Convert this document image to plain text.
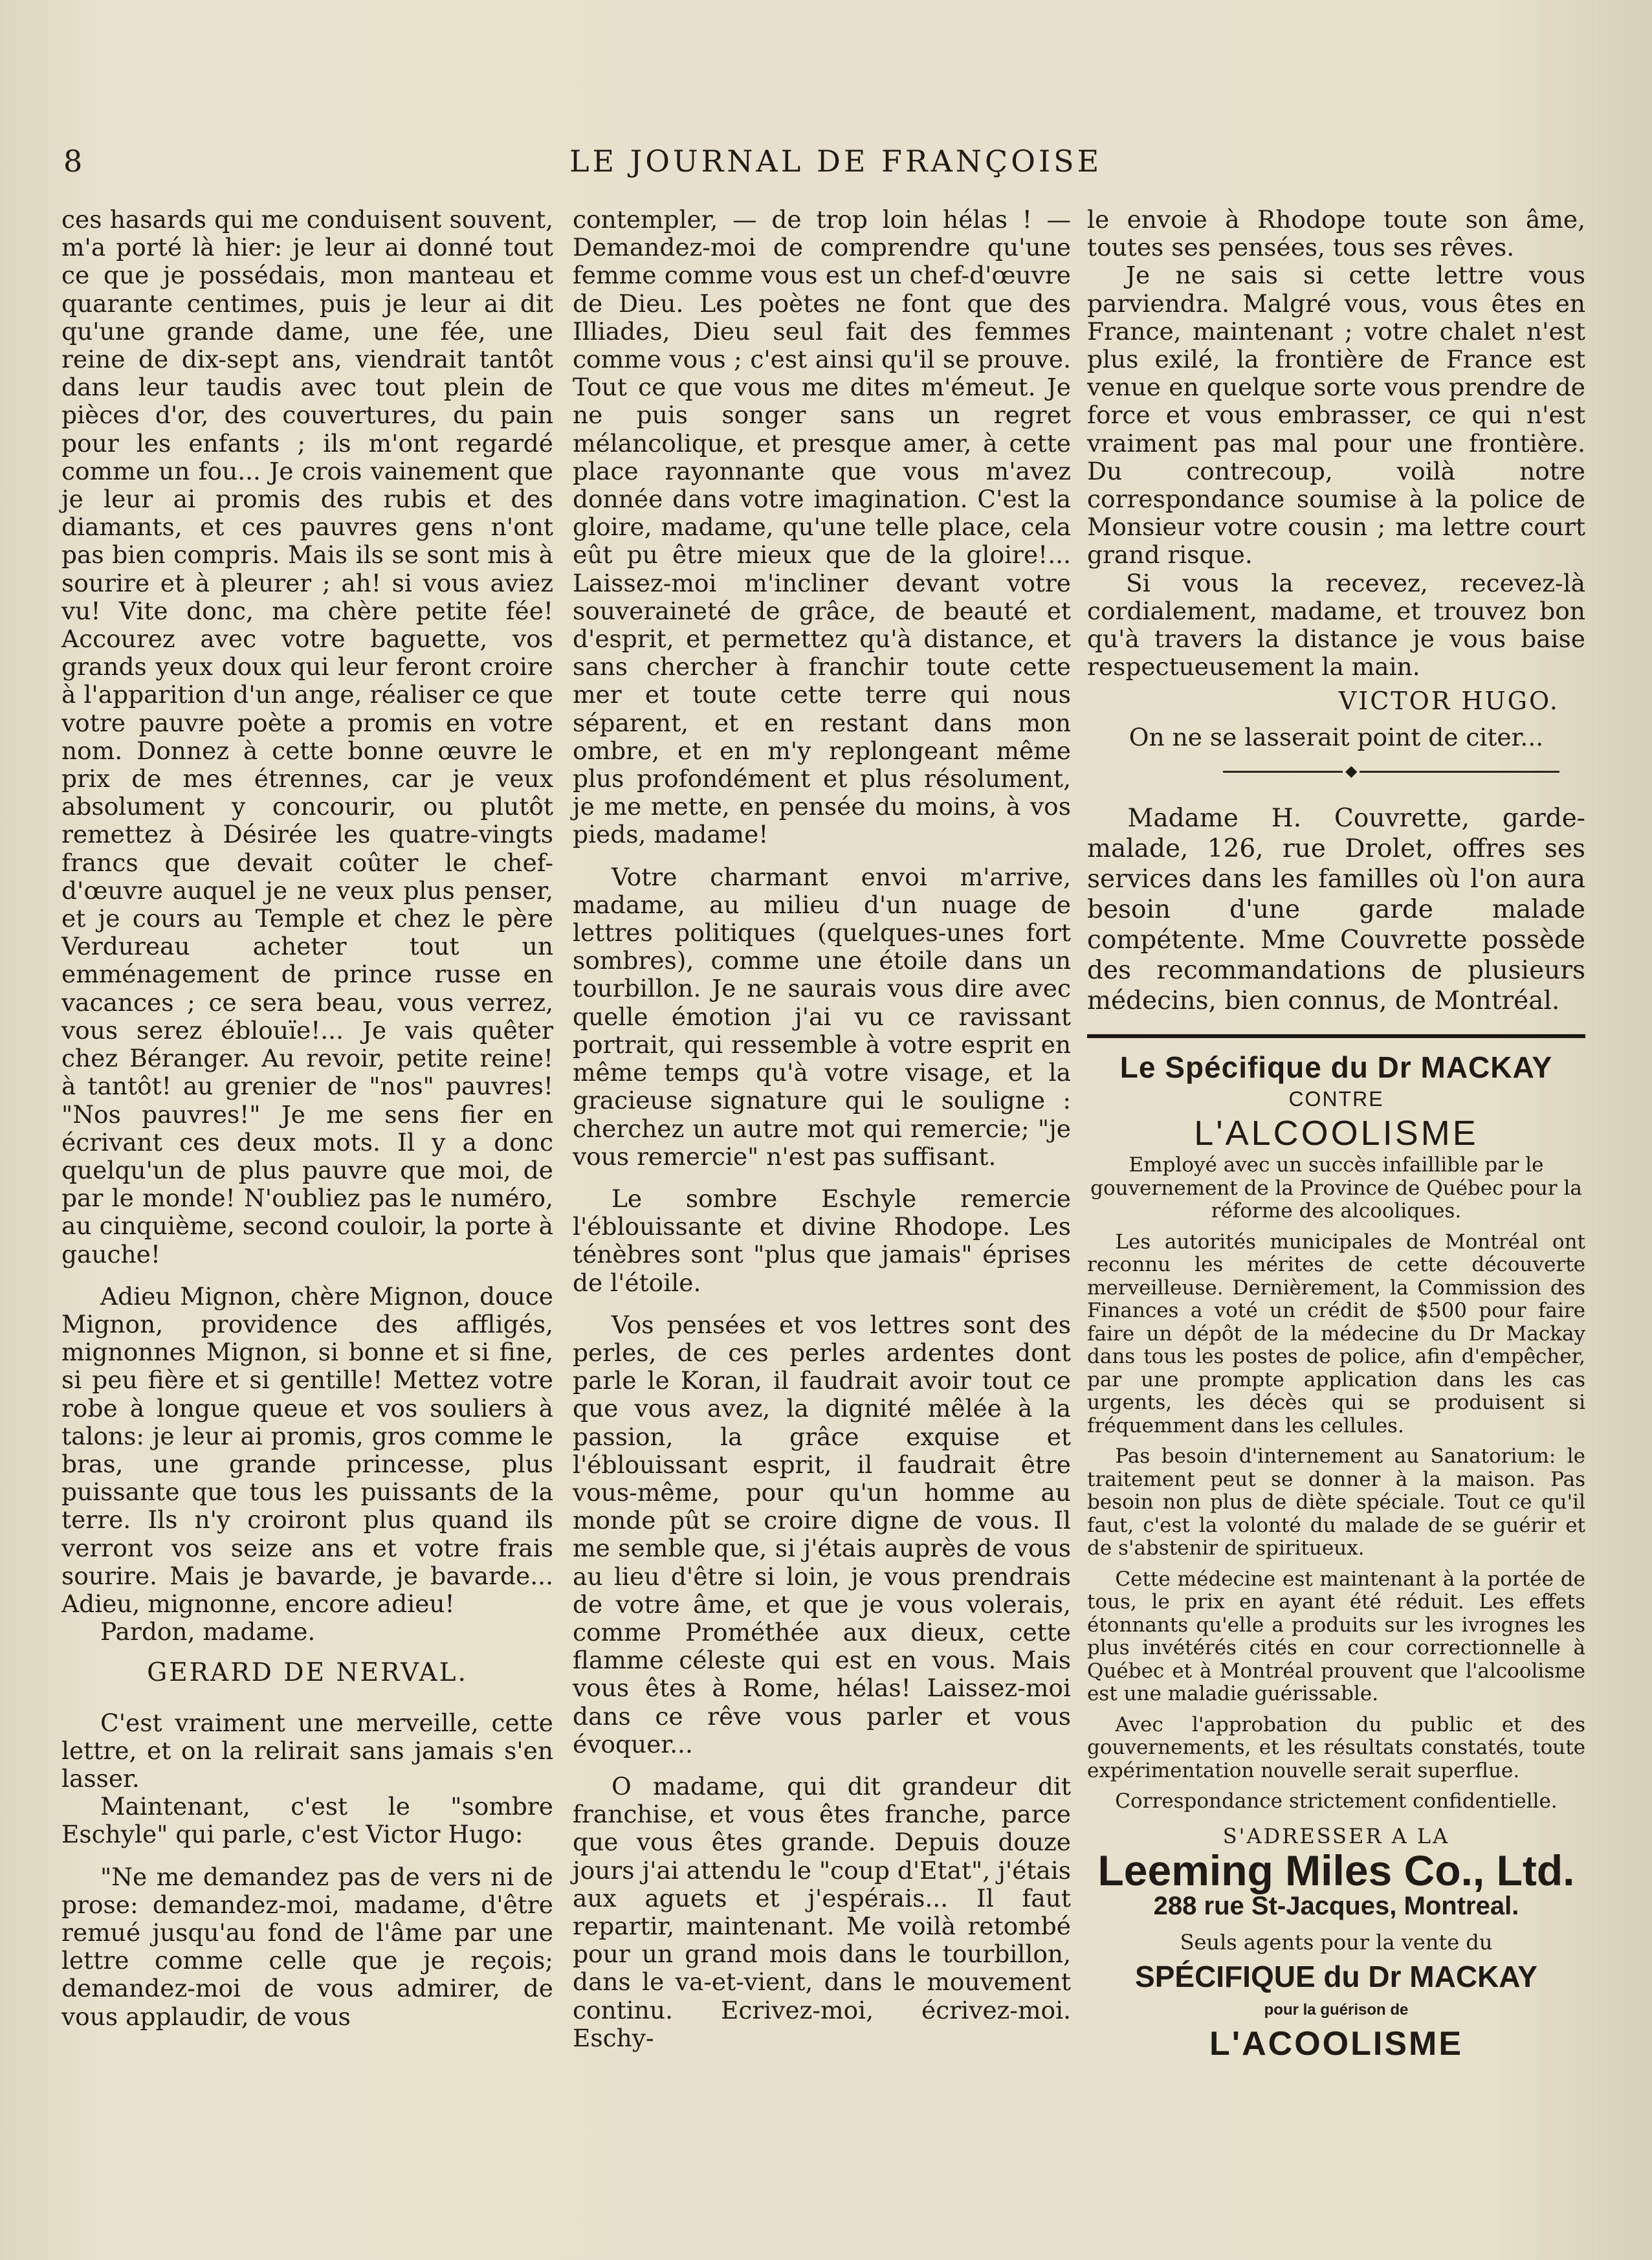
8	LE JOURNAL DE FRANÇOISE

ces hasards qui me conduisent souvent, m'a porté là hier: je leur ai donné tout ce que je possédais, mon manteau et quarante centimes, puis je leur ai dit qu'une grande dame, une fée, une reine de dix-sept ans, viendrait tantôt dans leur taudis avec tout plein de pièces d'or, des couvertures, du pain pour les enfants ; ils m'ont regardé comme un fou... Je crois vainement que je leur ai promis des rubis et des diamants, et ces pauvres gens n'ont pas bien compris. Mais ils se sont mis à sourire et à pleurer ; ah! si vous aviez vu! Vite donc, ma chère petite fée! Accourez avec votre baguette, vos grands yeux doux qui leur feront croire à l'apparition d'un ange, réaliser ce que votre pauvre poète a promis en votre nom. Donnez à cette bonne œuvre le prix de mes étrennes, car je veux absolument y concourir, ou plutôt remettez à Désirée les quatre-vingts francs que devait coûter le chef-d'œuvre auquel je ne veux plus penser, et je cours au Temple et chez le père Verdureau acheter tout un emménagement de prince russe en vacances ; ce sera beau, vous verrez, vous serez éblouïe!... Je vais quêter chez Béranger. Au revoir, petite reine! à tantôt! au grenier de "nos" pauvres! "Nos pauvres!" Je me sens fier en écrivant ces deux mots. Il y a donc quelqu'un de plus pauvre que moi, de par le monde! N'oubliez pas le numéro, au cinquième, second couloir, la porte à gauche!

Adieu Mignon, chère Mignon, douce Mignon, providence des affligés, mignonnes Mignon, si bonne et si fine, si peu fière et si gentille! Mettez votre robe à longue queue et vos souliers à talons: je leur ai promis, gros comme le bras, une grande princesse, plus puissante que tous les puissants de la terre. Ils n'y croiront plus quand ils verront vos seize ans et votre frais sourire. Mais je bavarde, je bavarde... Adieu, mignonne, encore adieu!

Pardon, madame.

GERARD DE NERVAL.

C'est vraiment une merveille, cette lettre, et on la relirait sans jamais s'en lasser.

Maintenant, c'est le "sombre Eschyle" qui parle, c'est Victor Hugo:

"Ne me demandez pas de vers ni de prose: demandez-moi, madame, d'être remué jusqu'au fond de l'âme par une lettre comme celle que je reçois; demandez-moi de vous admirer, de vous applaudir, de vous

contempler, — de trop loin hélas ! — Demandez-moi de comprendre qu'une femme comme vous est un chef-d'œuvre de Dieu. Les poètes ne font que des Illiades, Dieu seul fait des femmes comme vous ; c'est ainsi qu'il se prouve. Tout ce que vous me dites m'émeut. Je ne puis songer sans un regret mélancolique, et presque amer, à cette place rayonnante que vous m'avez donnée dans votre imagination. C'est la gloire, madame, qu'une telle place, cela eût pu être mieux que de la gloire!... Laissez-moi m'incliner devant votre souveraineté de grâce, de beauté et d'esprit, et permettez qu'à distance, et sans chercher à franchir toute cette mer et toute cette terre qui nous séparent, et en restant dans mon ombre, et en m'y replongeant même plus profondément et plus résolument, je me mette, en pensée du moins, à vos pieds, madame!

Votre charmant envoi m'arrive, madame, au milieu d'un nuage de lettres politiques (quelques-unes fort sombres), comme une étoile dans un tourbillon. Je ne saurais vous dire avec quelle émotion j'ai vu ce ravissant portrait, qui ressemble à votre esprit en même temps qu'à votre visage, et la gracieuse signature qui le souligne : cherchez un autre mot qui remercie; "je vous remercie" n'est pas suffisant.

Le sombre Eschyle remercie l'éblouissante et divine Rhodope. Les ténèbres sont "plus que jamais" éprises de l'étoile.

Vos pensées et vos lettres sont des perles, de ces perles ardentes dont parle le Koran, il faudrait avoir tout ce que vous avez, la dignité mêlée à la passion, la grâce exquise et l'éblouissant esprit, il faudrait être vous-même, pour qu'un homme au monde pût se croire digne de vous. Il me semble que, si j'étais auprès de vous au lieu d'être si loin, je vous prendrais de votre âme, et que je vous volerais, comme Prométhée aux dieux, cette flamme céleste qui est en vous. Mais vous êtes à Rome, hélas! Laissez-moi dans ce rêve vous parler et vous évoquer...

O madame, qui dit grandeur dit franchise, et vous êtes franche, parce que vous êtes grande. Depuis douze jours j'ai attendu le "coup d'Etat", j'étais aux aguets et j'espérais... Il faut repartir, maintenant. Me voilà retombé pour un grand mois dans le tourbillon, dans le va-et-vient, dans le mouvement continu. Ecrivez-moi, écrivez-moi. Eschy-

le envoie à Rhodope toute son âme, toutes ses pensées, tous ses rêves.

Je ne sais si cette lettre vous parviendra. Malgré vous, vous êtes en France, maintenant ; votre chalet n'est plus exilé, la frontière de France est venue en quelque sorte vous prendre de force et vous embrasser, ce qui n'est vraiment pas mal pour une frontière. Du contrecoup, voilà notre correspondance soumise à la police de Monsieur votre cousin ; ma lettre court grand risque.

Si vous la recevez, recevez-là cordialement, madame, et trouvez bon qu'à travers la distance je vous baise respectueusement la main.

VICTOR HUGO.
On ne se lasserait point de citer...
◆

Madame H. Couvrette, garde-malade, 126, rue Drolet, offres ses services dans les familles où l'on aura besoin d'une garde malade compétente. Mme Couvrette possède des recommandations de plusieurs médecins, bien connus, de Montréal.

Le Spécifique du Dr MACKAY
CONTRE
L'ALCOOLISME

Employé avec un succès infaillible par le gouvernement de la Province de Québec pour la réforme des alcooliques.

Les autorités municipales de Montréal ont reconnu les mérites de cette découverte merveilleuse. Dernièrement, la Commission des Finances a voté un crédit de $500 pour faire faire un dépôt de la médecine du Dr Mackay dans tous les postes de police, afin d'empêcher, par une prompte application dans les cas urgents, les décès qui se produisent si fréquemment dans les cellules.

Pas besoin d'internement au Sanatorium: le traitement peut se donner à la maison. Pas besoin non plus de diète spéciale. Tout ce qu'il faut, c'est la volonté du malade de se guérir et de s'abstenir de spiritueux.

Cette médecine est maintenant à la portée de tous, le prix en ayant été réduit. Les effets étonnants qu'elle a produits sur les ivrognes les plus invétérés cités en cour correctionnelle à Québec et à Montréal prouvent que l'alcoolisme est une maladie guérissable.

Avec l'approbation du public et des gouvernements, et les résultats constatés, toute expérimentation nouvelle serait superflue.

Correspondance strictement confidentielle.

S'ADRESSER A LA
Leeming Miles Co., Ltd.
288 rue St-Jacques, Montreal.
Seuls agents pour la vente du
SPÉCIFIQUE du Dr MACKAY
pour la guérison de
L'ACOOLISME
